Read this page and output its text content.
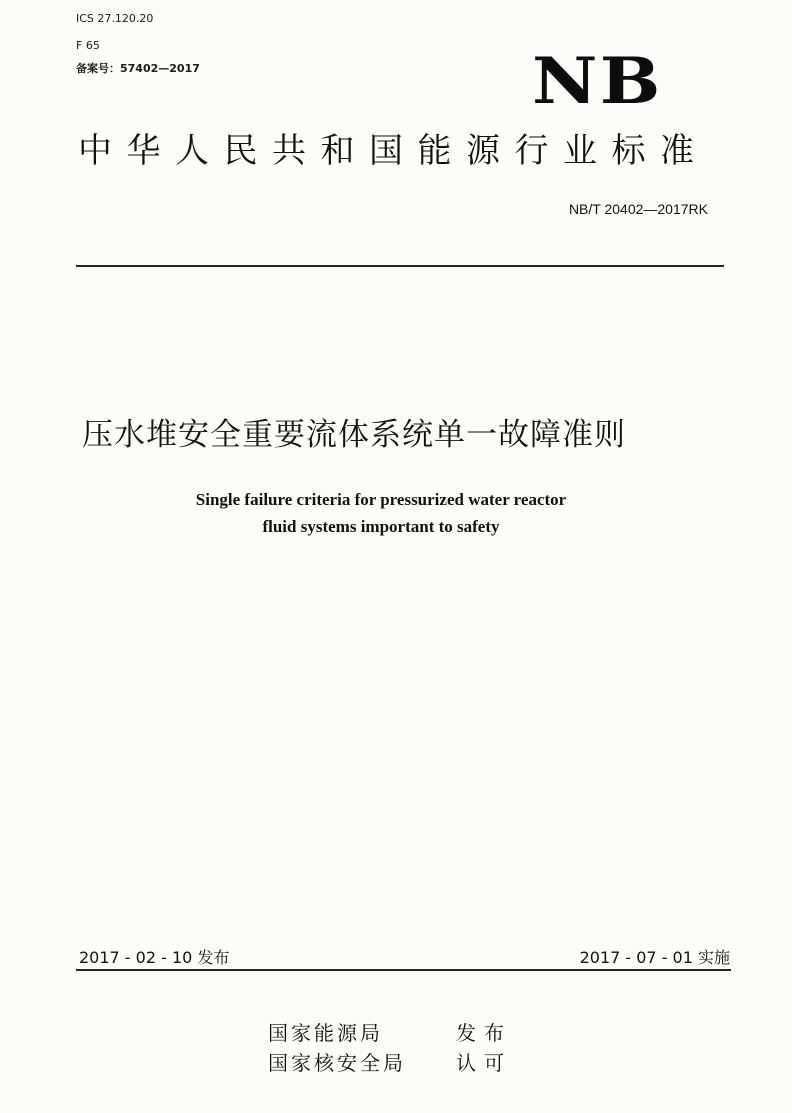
ICS 27.120.20
F 65
备案号：57402—2017	NB
中华人民共和国能源行业标准
NB/T 20402—2017RK
压水堆安全重要流体系统单一故障准则
Single failure criteria for pressurized water reactor
fluid systems important to safety
2017 - 02 - 10 发布	2017 - 07 - 01 实施
国家能源局	发布
国家核安全局	认可
